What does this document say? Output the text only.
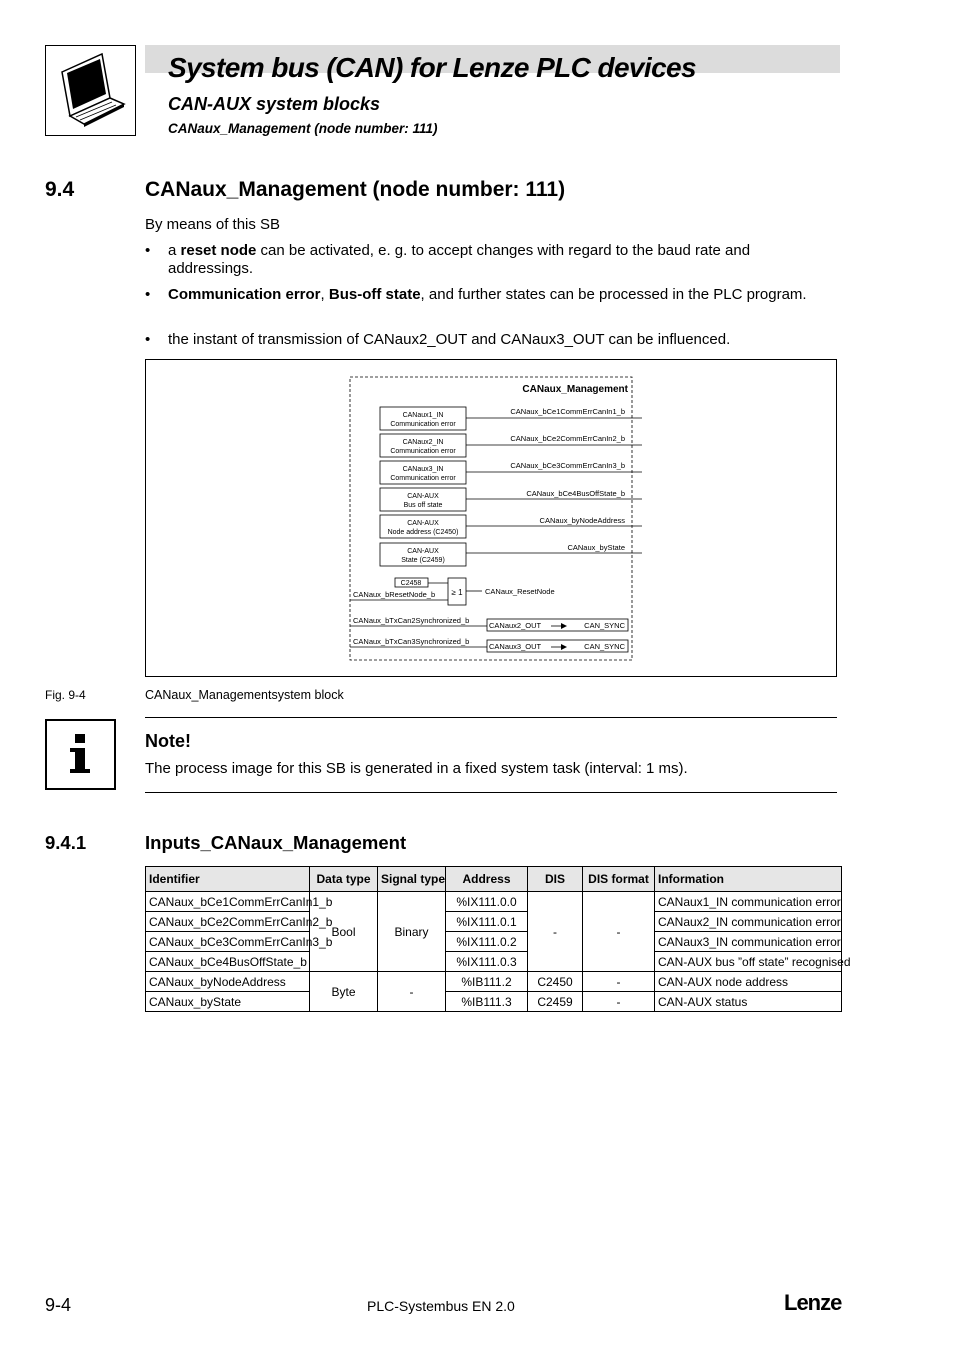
System bus (CAN) for Lenze PLC devices
CAN-AUX system blocks
CANaux_Management (node number: 111)
9.4	CANaux_Management (node number: 111)
By means of this SB
• a reset node can be activated, e. g. to accept changes with regard to the baud rate and addressings.
• Communication error, Bus-off state, and further states can be processed in the PLC program.
• the instant of transmission of CANaux2_OUT and CANaux3_OUT can be influenced.
CANaux_Management
CANaux1_IN
Communication error
CANaux_bCe1CommErrCanIn1_b
CANaux2_IN
Communication error
CANaux_bCe2CommErrCanIn2_b
CANaux3_IN
Communication error
CANaux_bCe3CommErrCanIn3_b
CAN-AUX
Bus off state
CANaux_bCe4BusOffState_b
CAN-AUX
Node address (C2450)
CANaux_byNodeAddress
CAN-AUX
State (C2459)
CANaux_byState
C2458
CANaux_bResetNode_b ≥ 1	CANaux_ResetNode
CANaux_bTxCan2Synchronized_b
CANaux2_OUT	CAN_SYNC
CANaux_bTxCan3Synchronized_b
CANaux3_OUT	CAN_SYNC
Fig. 9-4	CANaux_Managementsystem block
Note!
The process image for this SB is generated in a fixed system task (interval: 1 ms).
9.4.1	Inputs_CANaux_Management
Identifier	Data type	Signal type	Address	DIS	DIS format	Information
CANaux_bCe1CommErrCanIn1_b	Bool	Binary	%IX111.0.0	-	-	CANaux1_IN communication error
CANaux_bCe2CommErrCanIn2_b			%IX111.0.1			CANaux2_IN communication error
CANaux_bCe3CommErrCanIn3_b			%IX111.0.2			CANaux3_IN communication error
CANaux_bCe4BusOffState_b			%IX111.0.3			CAN-AUX bus ”off state” recognised
CANaux_byNodeAddress	Byte	-	%IB111.2	C2450	-	CAN-AUX node address
CANaux_byState			%IB111.3	C2459	-	CAN-AUX status
9-4	PLC-Systembus EN 2.0	Lenze
